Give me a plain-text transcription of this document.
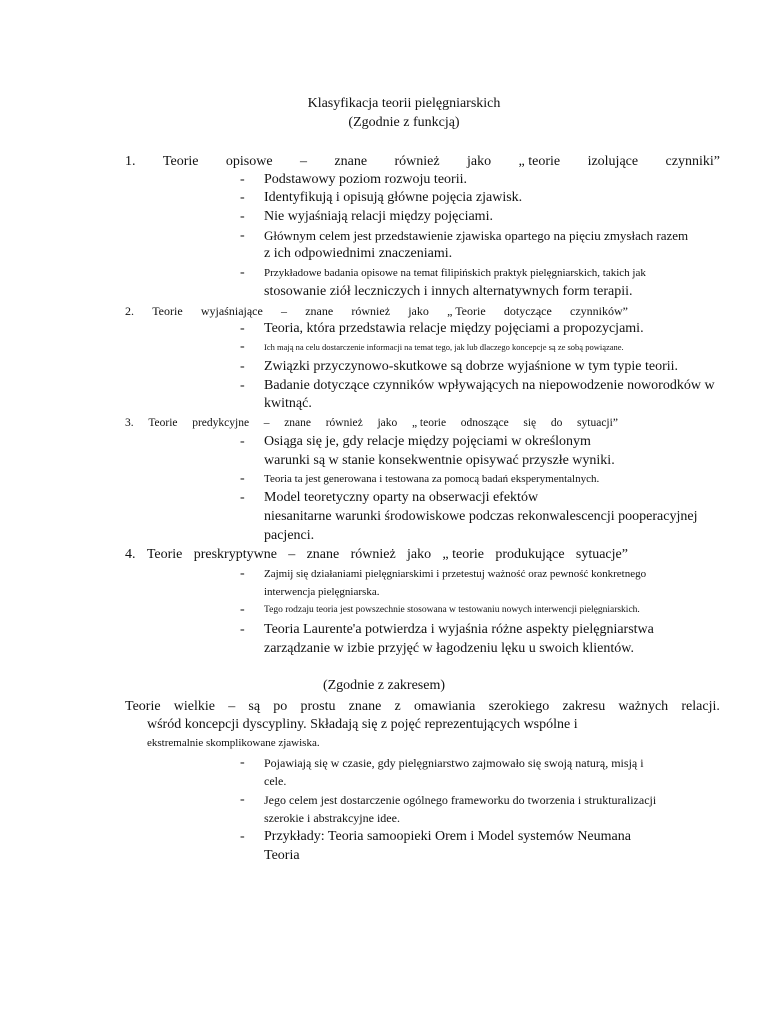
Klasyfikacja teorii pielęgniarskich
(Zgodnie z funkcją)
1. Teorie opisowe – znane również jako „ teorie izolujące czynniki”
- Podstawowy poziom rozwoju teorii.
- Identyfikują i opisują główne pojęcia zjawisk.
- Nie wyjaśniają relacji między pojęciami.
- Głównym celem jest przedstawienie zjawiska opartego na pięciu zmysłach razem
z ich odpowiednimi znaczeniami.
- Przykładowe badania opisowe na temat filipińskich praktyk pielęgniarskich, takich jak
stosowanie ziół leczniczych i innych alternatywnych form terapii.
2. Teorie wyjaśniające – znane również jako „ Teorie dotyczące czynników”
- Teoria, która przedstawia relacje między pojęciami a propozycjami.
- Ich mają na celu dostarczenie informacji na temat tego, jak lub dlaczego koncepcje są ze sobą powiązane.
- Związki przyczynowo-skutkowe są dobrze wyjaśnione w tym typie teorii.
- Badanie dotyczące czynników wpływających na niepowodzenie noworodków w
kwitnąć.
3. Teorie predykcyjne – znane również jako „ teorie odnoszące się do sytuacji”
- Osiąga się je, gdy relacje między pojęciami w określonym
warunki są w stanie konsekwentnie opisywać przyszłe wyniki.
- Teoria ta jest generowana i testowana za pomocą badań eksperymentalnych.
- Model teoretyczny oparty na obserwacji efektów
niesanitarne warunki środowiskowe podczas rekonwalescencji pooperacyjnej
pacjenci.
4. Teorie preskryptywne – znane również jako „ teorie produkujące sytuacje”
- Zajmij się działaniami pielęgniarskimi i przetestuj ważność oraz pewność konkretnego
interwencja pielęgniarska.
- Tego rodzaju teoria jest powszechnie stosowana w testowaniu nowych interwencji pielęgniarskich.
- Teoria Laurente'a potwierdza i wyjaśnia różne aspekty pielęgniarstwa
zarządzanie w izbie przyjęć w łagodzeniu lęku u swoich klientów.
(Zgodnie z zakresem)
Teorie wielkie – są po prostu znane z omawiania szerokiego zakresu ważnych relacji.
wśród koncepcji dyscypliny. Składają się z pojęć reprezentujących wspólne i
ekstremalnie skomplikowane zjawiska.
- Pojawiają się w czasie, gdy pielęgniarstwo zajmowało się swoją naturą, misją i
cele.
- Jego celem jest dostarczenie ogólnego frameworku do tworzenia i strukturalizacji
szerokie i abstrakcyjne idee.
- Przykłady: Teoria samoopieki Orem i Model systemów Neumana
Teoria
